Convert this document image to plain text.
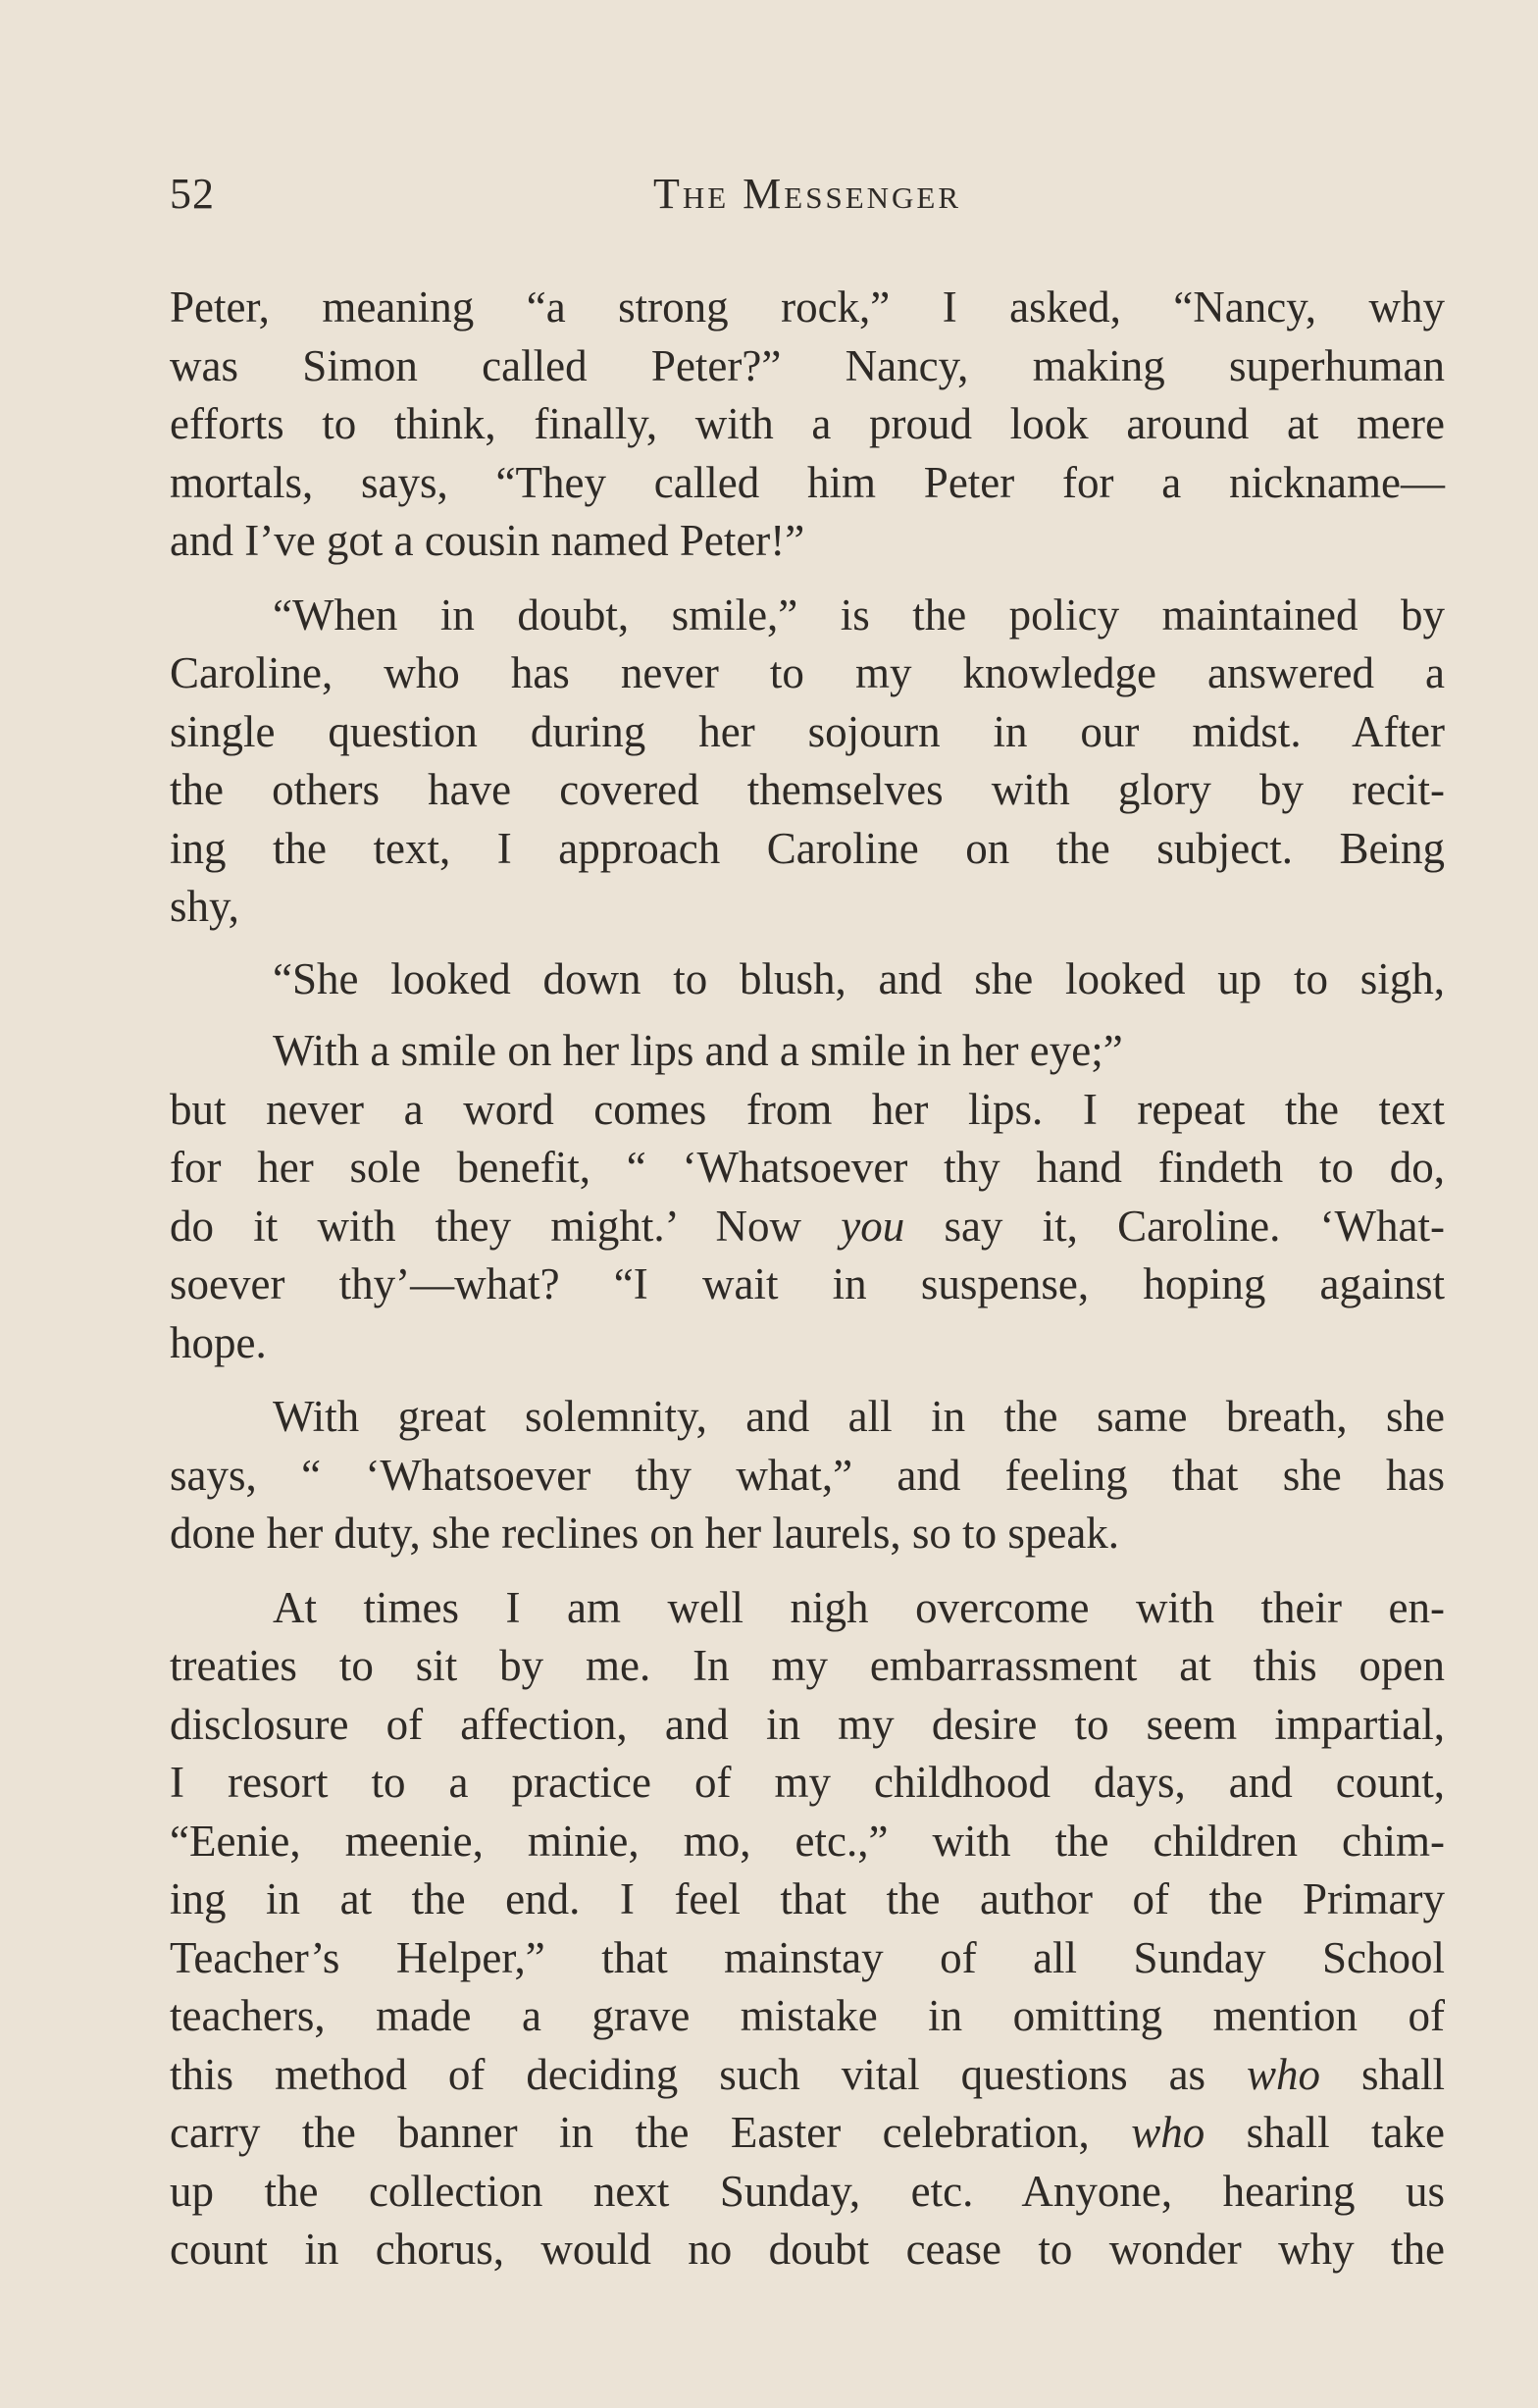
52	The Messenger
Peter, meaning “a strong rock,” I asked, “Nancy, why
was Simon called Peter?” Nancy, making superhuman
efforts to think, finally, with a proud look around at mere
mortals, says, “They called him Peter for a nickname—
and I’ve got a cousin named Peter!”
“When in doubt, smile,” is the policy maintained by
Caroline, who has never to my knowledge answered a
single question during her sojourn in our midst. After
the others have covered themselves with glory by recit-
ing the text, I approach Caroline on the subject. Being
shy,
“She looked down to blush, and she looked up to sigh,
With a smile on her lips and a smile in her eye;”
but never a word comes from her lips. I repeat the text
for her sole benefit, “ ‘Whatsoever thy hand findeth to do,
do it with they might.’ Now you say it, Caroline. ‘What-
soever thy’—what? “I wait in suspense, hoping against
hope.
With great solemnity, and all in the same breath, she
says, “ ‘Whatsoever thy what,” and feeling that she has
done her duty, she reclines on her laurels, so to speak.
At times I am well nigh overcome with their en-
treaties to sit by me. In my embarrassment at this open
disclosure of affection, and in my desire to seem impartial,
I resort to a practice of my childhood days, and count,
“Eenie, meenie, minie, mo, etc.,” with the children chim-
ing in at the end. I feel that the author of the Primary
Teacher’s Helper,” that mainstay of all Sunday School
teachers, made a grave mistake in omitting mention of
this method of deciding such vital questions as who shall
carry the banner in the Easter celebration, who shall take
up the collection next Sunday, etc. Anyone, hearing us
count in chorus, would no doubt cease to wonder why the
